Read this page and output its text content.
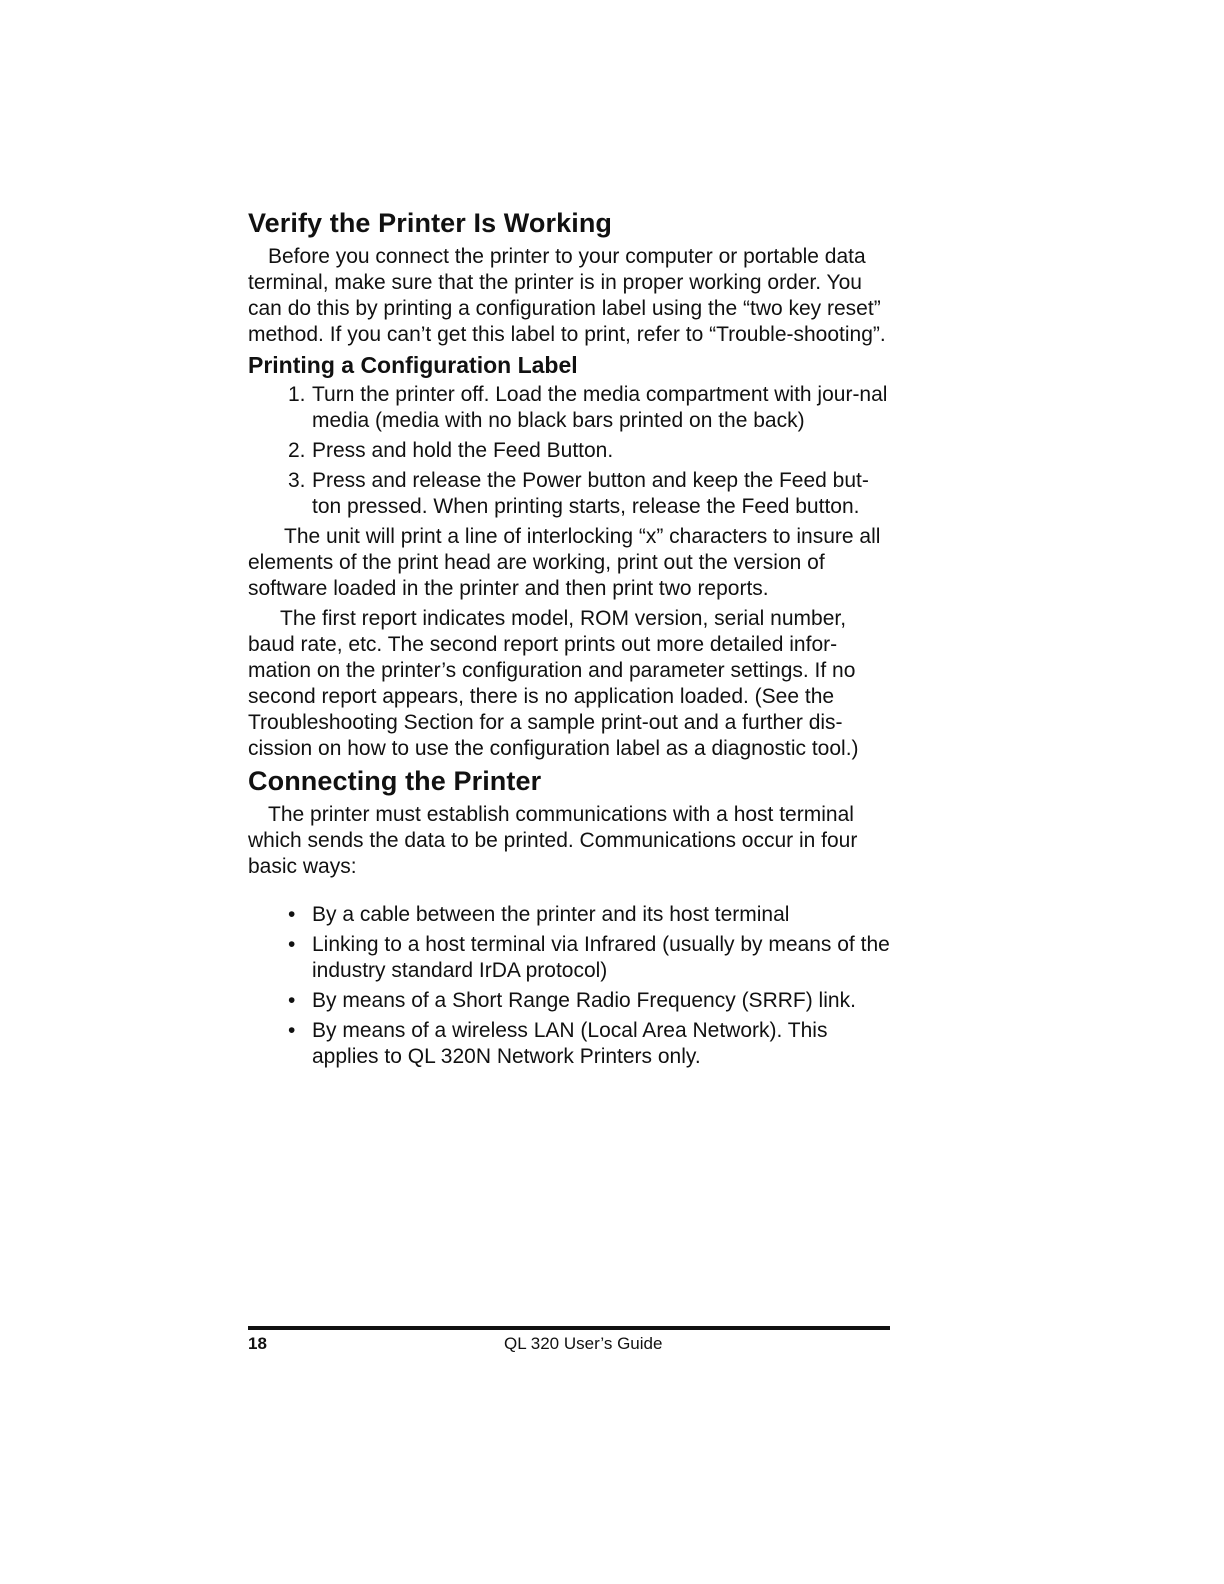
Verify the Printer Is Working

Before you connect the printer to your computer or portable data terminal, make sure that the printer is in proper working order. You can do this by printing a configuration label using the “two key reset” method. If you can’t get this label to print, refer to “Trouble-shooting”.

Printing a Configuration Label
1. Turn the printer off. Load the media compartment with jour-nal media (media with no black bars printed on the back)
2. Press and hold the Feed Button.
3. Press and release the Power button and keep the Feed but-ton pressed. When printing starts, release the Feed button.

The unit will print a line of interlocking “x” characters to insure all elements of the print head are working, print out the version of software loaded in the printer and then print two reports.

The first report indicates model, ROM version, serial number, baud rate, etc. The second report prints out more detailed infor-mation on the printer’s configuration and parameter settings. If no second report appears, there is no application loaded. (See the Troubleshooting Section for a sample print-out and a further dis-cission on how to use the configuration label as a diagnostic tool.)

Connecting the Printer

The printer must establish communications with a host terminal which sends the data to be printed. Communications occur in four basic ways:

• By a cable between the printer and its host terminal
• Linking to a host terminal via Infrared (usually by means of the industry standard IrDA protocol)
• By means of a Short Range Radio Frequency (SRRF) link.
• By means of a wireless LAN (Local Area Network). This applies to QL 320N Network Printers only.
18	QL 320 User’s Guide
